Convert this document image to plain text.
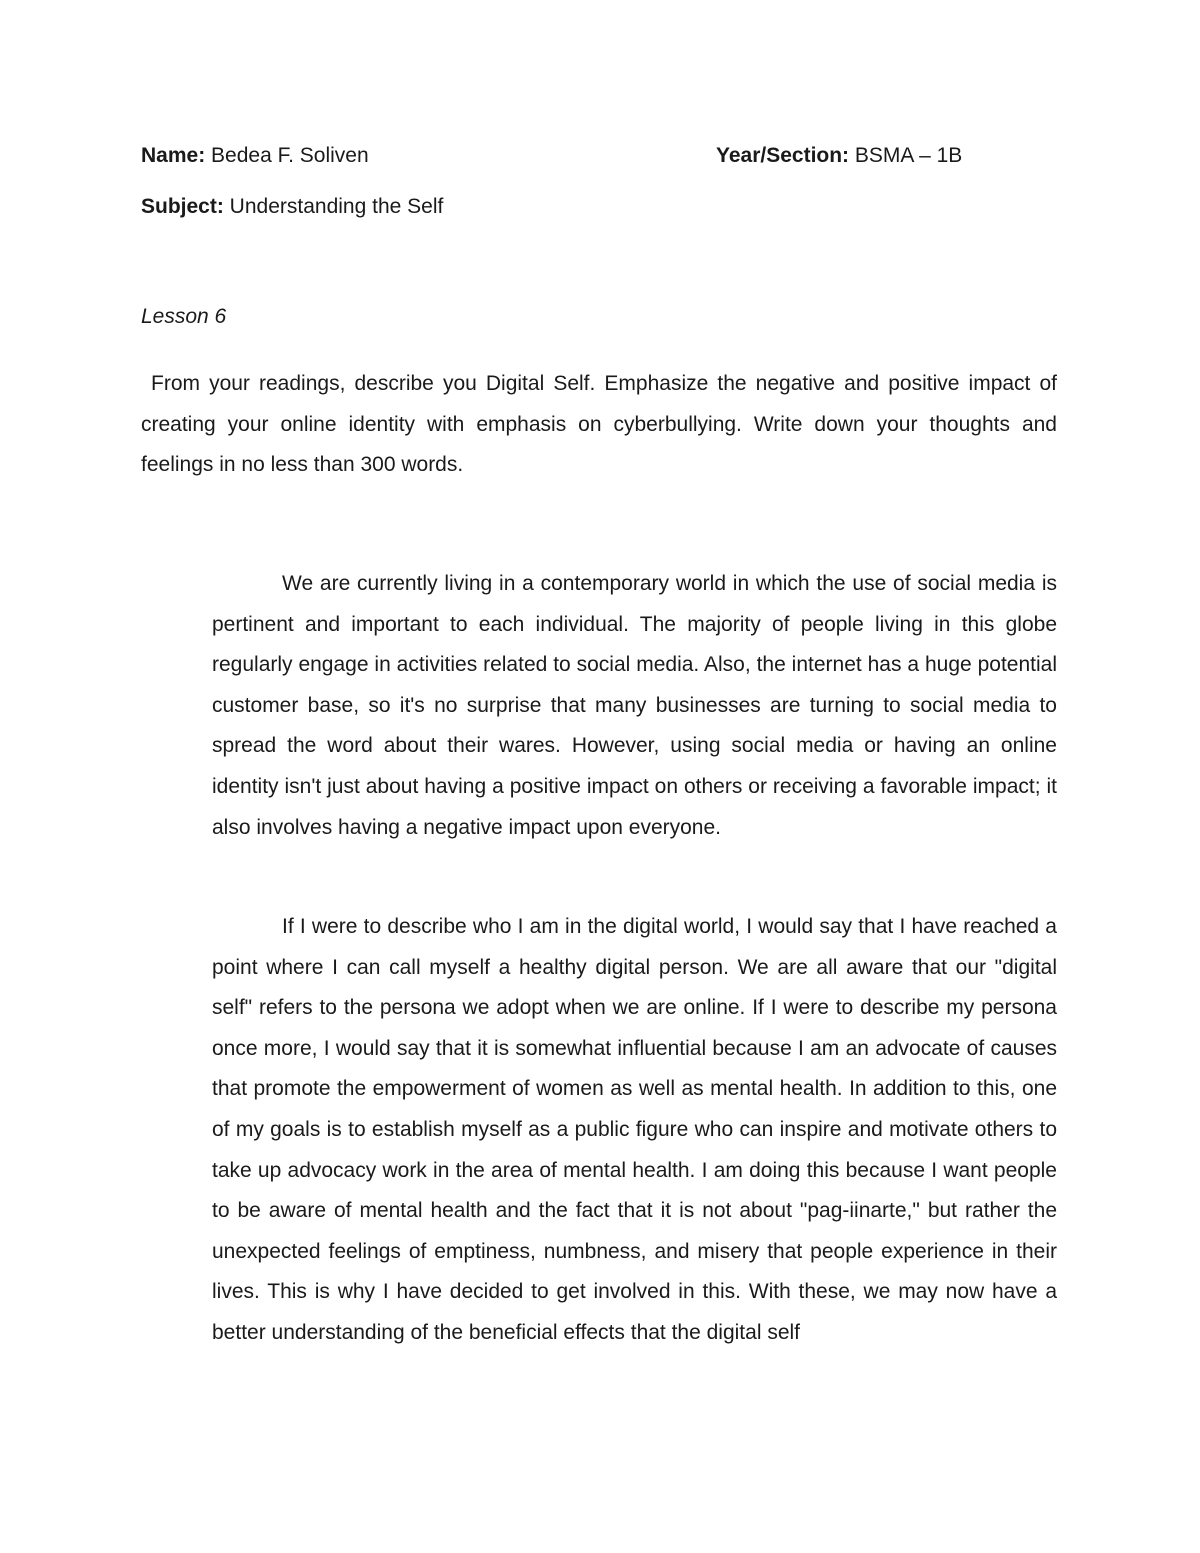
Name: Bedea F. Soliven	Year/Section: BSMA – 1B
Subject: Understanding the Self
Lesson 6

From your readings, describe you Digital Self. Emphasize the negative and positive impact of creating your online identity with emphasis on cyberbullying. Write down your thoughts and feelings in no less than 300 words.

We are currently living in a contemporary world in which the use of social media is pertinent and important to each individual. The majority of people living in this globe regularly engage in activities related to social media. Also, the internet has a huge potential customer base, so it's no surprise that many businesses are turning to social media to spread the word about their wares. However, using social media or having an online identity isn't just about having a positive impact on others or receiving a favorable impact; it also involves having a negative impact upon everyone.

If I were to describe who I am in the digital world, I would say that I have reached a point where I can call myself a healthy digital person. We are all aware that our "digital self" refers to the persona we adopt when we are online. If I were to describe my persona once more, I would say that it is somewhat influential because I am an advocate of causes that promote the empowerment of women as well as mental health. In addition to this, one of my goals is to establish myself as a public figure who can inspire and motivate others to take up advocacy work in the area of mental health. I am doing this because I want people to be aware of mental health and the fact that it is not about "pag-iinarte," but rather the unexpected feelings of emptiness, numbness, and misery that people experience in their lives. This is why I have decided to get involved in this. With these, we may now have a better understanding of the beneficial effects that the digital self
